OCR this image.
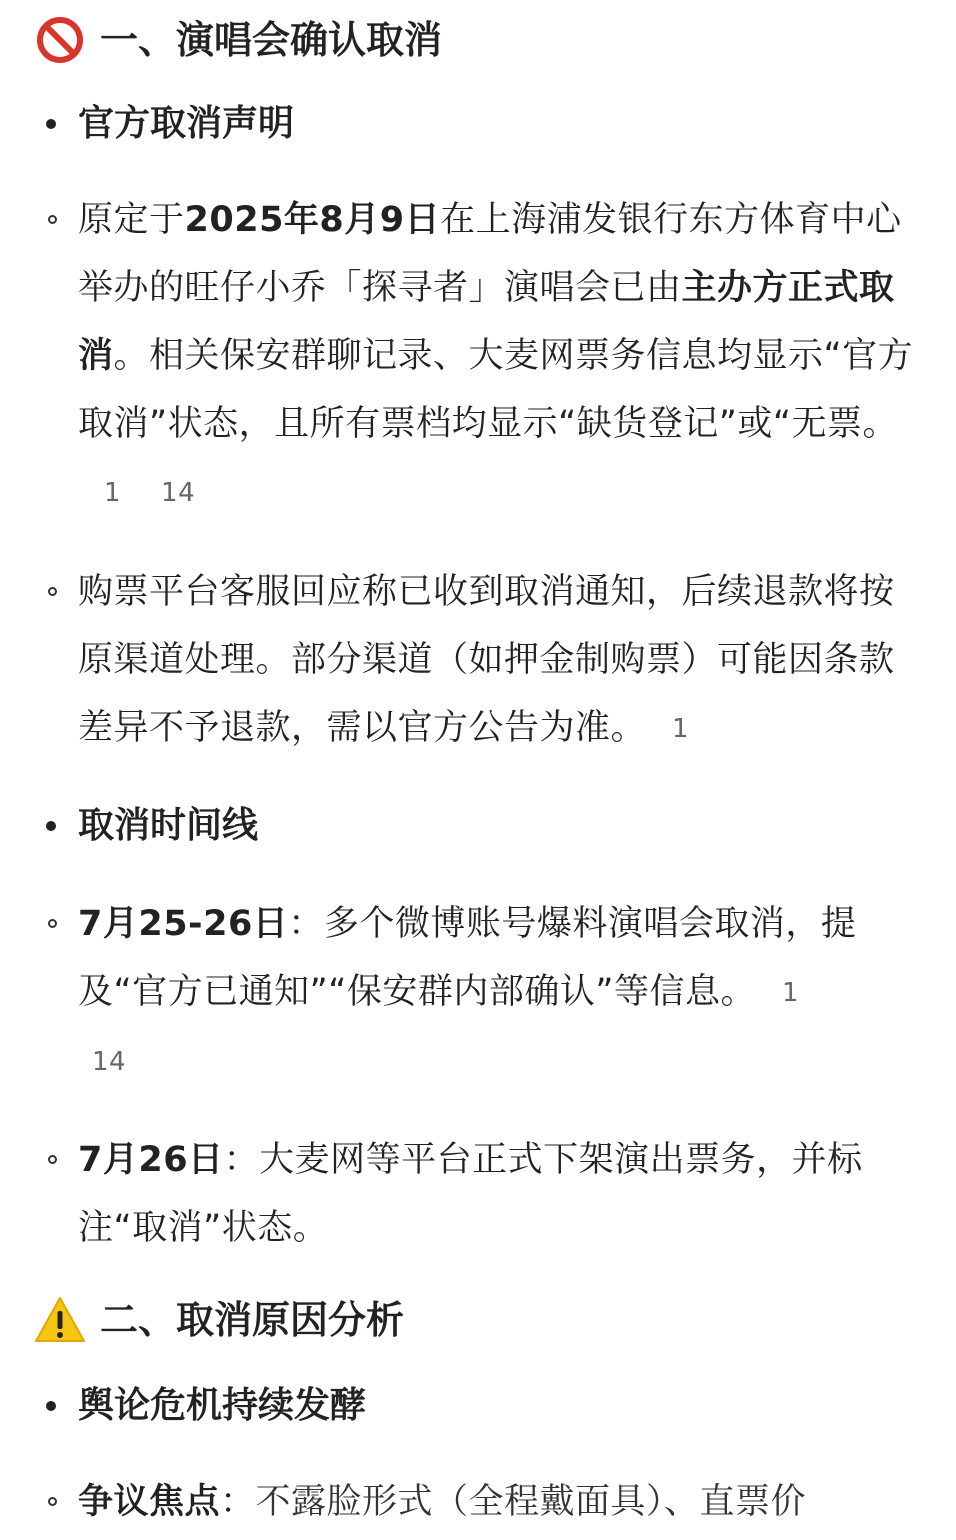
一、演唱会确认取消
官方取消声明
原定于2025年8月9日在上海浦发银行东方体育中心举办的旺仔小乔「探寻者」演唱会已由主办方正式取消。相关保安群聊记录、大麦网票务信息均显示“官方取消”状态，且所有票档均显示“缺货登记”或“无票。1 14
购票平台客服回应称已收到取消通知，后续退款将按原渠道处理。部分渠道（如押金制购票）可能因条款差异不予退款，需以官方公告为准。 1
取消时间线
7月25-26日：多个微博账号爆料演唱会取消，提及“官方已通知”“保安群内部确认”等信息。 1
14
7月26日：大麦网等平台正式下架演出票务，并标注“取消”状态。
二、取消原因分析
舆论危机持续发酵
争议焦点：不露脸形式（全程戴面具）、直票价
